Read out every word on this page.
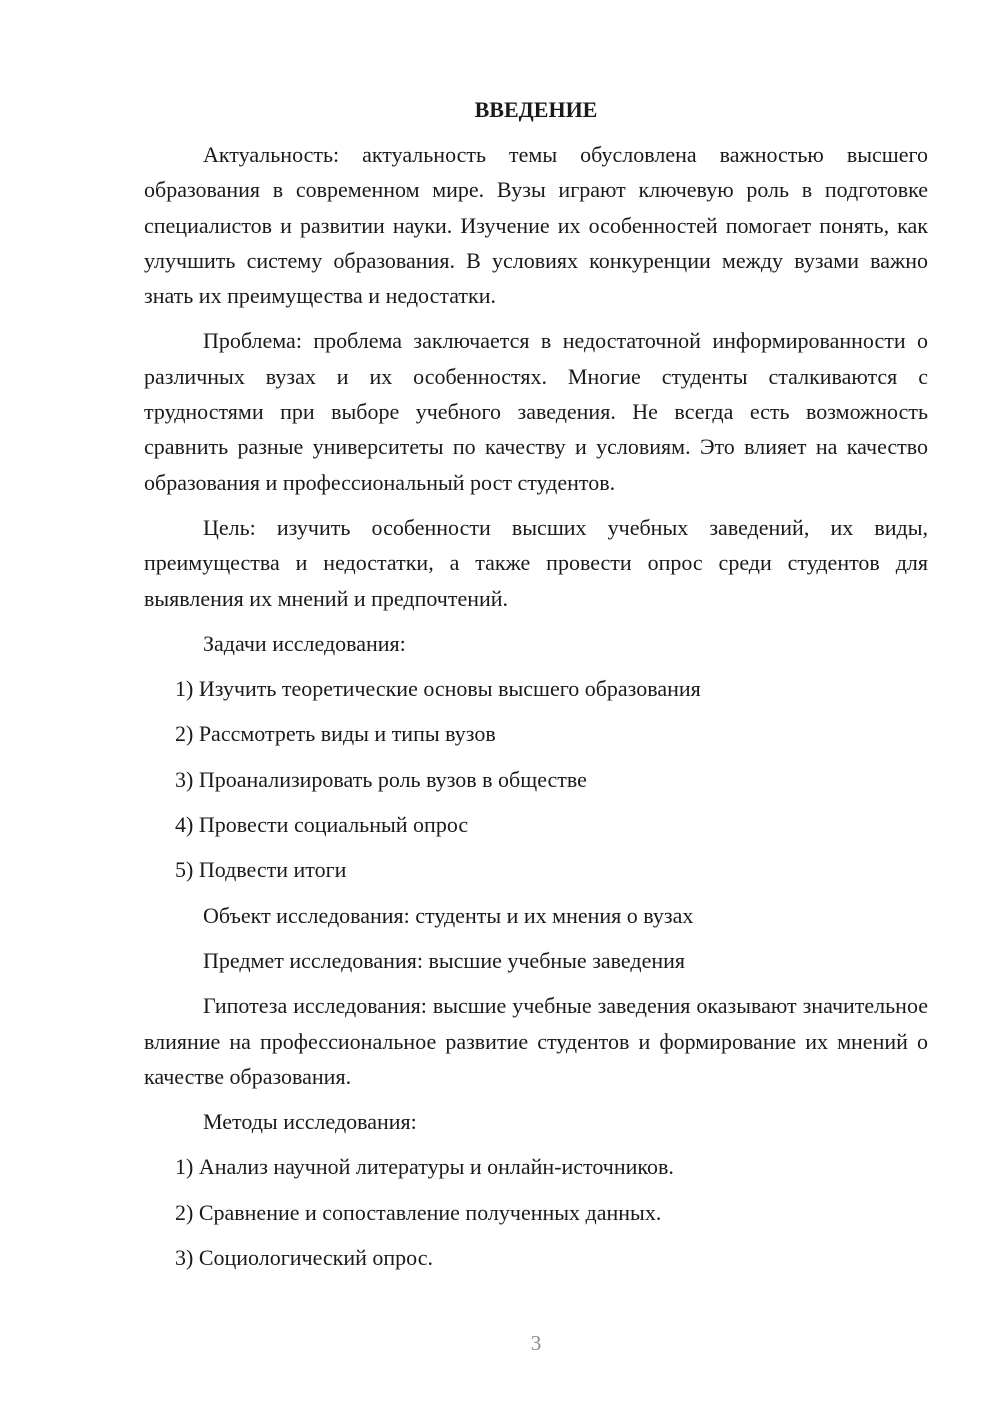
ВВЕДЕНИЕ

Актуальность: актуальность темы обусловлена важностью высшего образования в современном мире. Вузы играют ключевую роль в подготовке специалистов и развитии науки. Изучение их особенностей помогает понять, как улучшить систему образования. В условиях конкуренции между вузами важно знать их преимущества и недостатки.

Проблема: проблема заключается в недостаточной информированности о различных вузах и их особенностях. Многие студенты сталкиваются с трудностями при выборе учебного заведения. Не всегда есть возможность сравнить разные университеты по качеству и условиям. Это влияет на качество образования и профессиональный рост студентов.

Цель: изучить особенности высших учебных заведений, их виды, преимущества и недостатки, а также провести опрос среди студентов для выявления их мнений и предпочтений.

Задачи исследования:
1) Изучить теоретические основы высшего образования
2) Рассмотреть виды и типы вузов
3) Проанализировать роль вузов в обществе
4) Провести социальный опрос
5) Подвести итоги
Объект исследования: студенты и их мнения о вузах
Предмет исследования: высшие учебные заведения

Гипотеза исследования: высшие учебные заведения оказывают значительное влияние на профессиональное развитие студентов и формирование их мнений о качестве образования.

Методы исследования:
1) Анализ научной литературы и онлайн-источников.
2) Сравнение и сопоставление полученных данных.
3) Социологический опрос.
3
